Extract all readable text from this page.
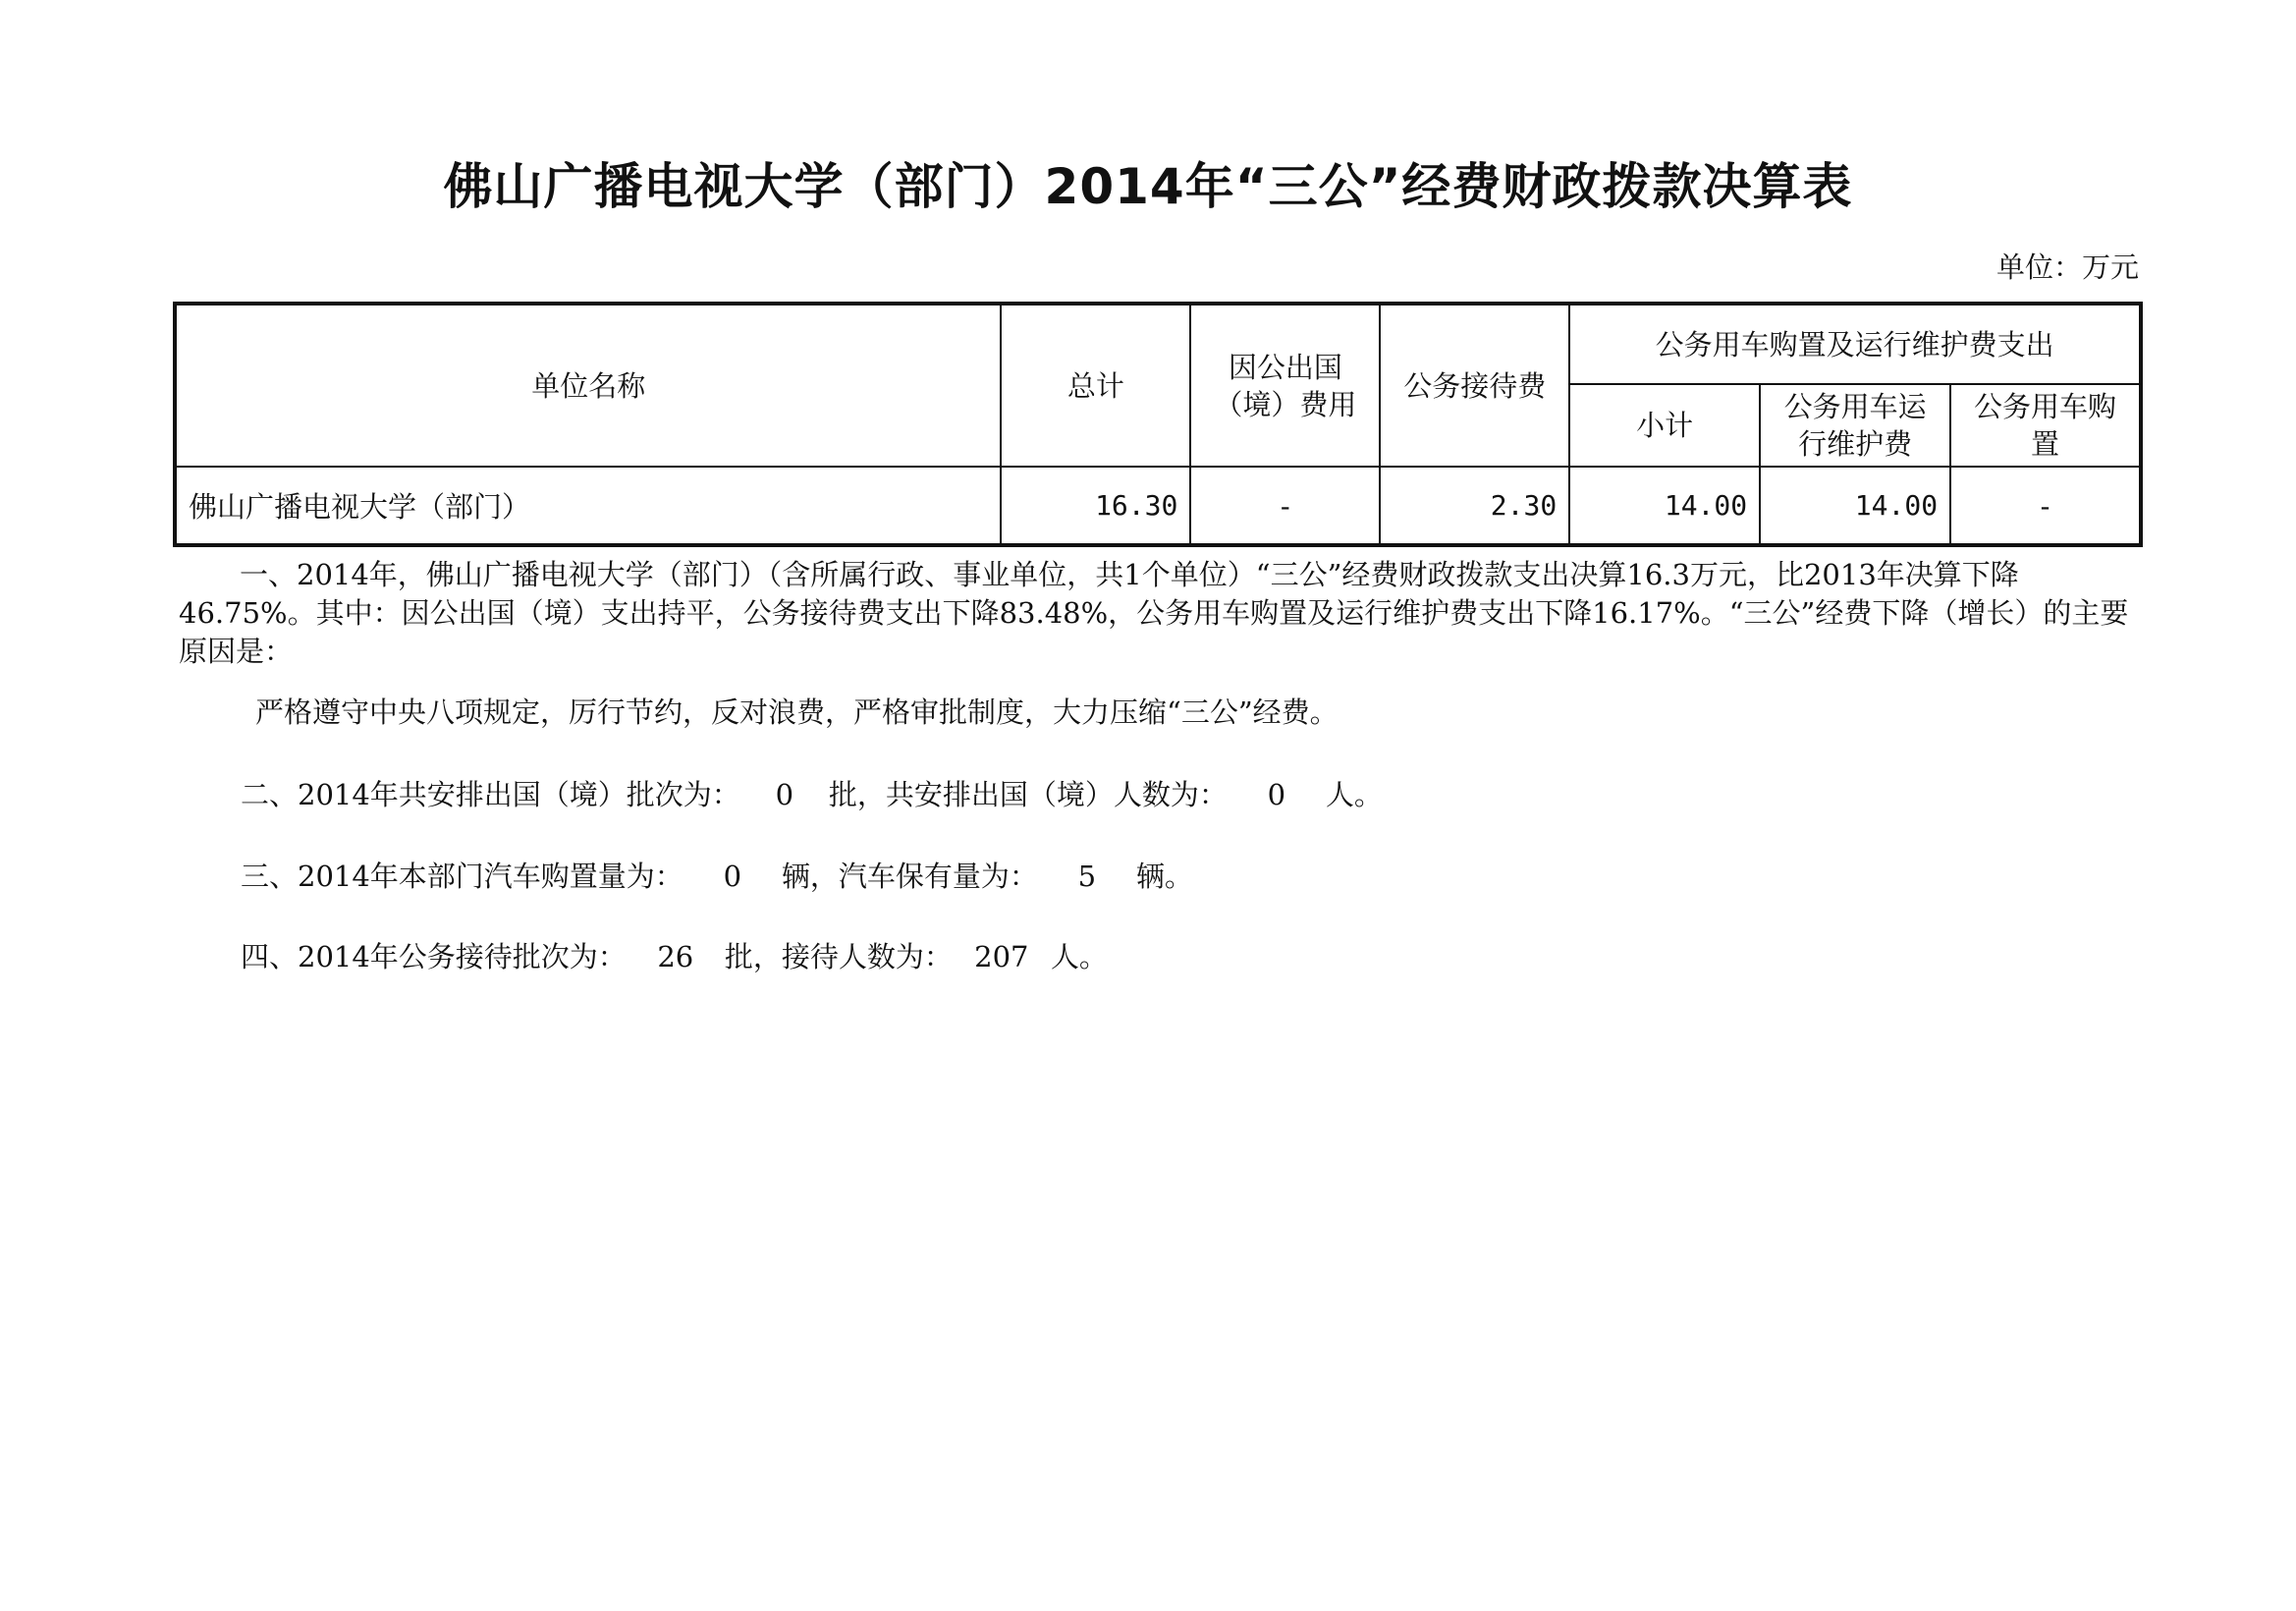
佛山广播电视大学（部门）2014年“三公”经费财政拨款决算表
单位：万元
单位名称	总计	因公出国（境）费用	公务接待费	公务用车购置及运行维护费支出		
				小计	公务用车运行维护费	公务用车购置
佛山广播电视大学（部门）	16.30	-	2.30	14.00	14.00	-
一、2014年，佛山广播电视大学（部门）（含所属行政、事业单位，共1个单位）“三公”经费财政拨款支出决算16.3万元，比2013年决算下降46.75%。其中：因公出国（境）支出持平，公务接待费支出下降83.48%，公务用车购置及运行维护费支出下降16.17%。“三公”经费下降（增长）的主要原因是：
严格遵守中央八项规定，厉行节约，反对浪费，严格审批制度，大力压缩“三公”经费。
二、2014年共安排出国（境）批次为： 0 批，共安排出国（境）人数为： 0 人。
三、2014年本部门汽车购置量为： 0 辆，汽车保有量为： 5 辆。
四、2014年公务接待批次为： 26 批，接待人数为： 207 人。
